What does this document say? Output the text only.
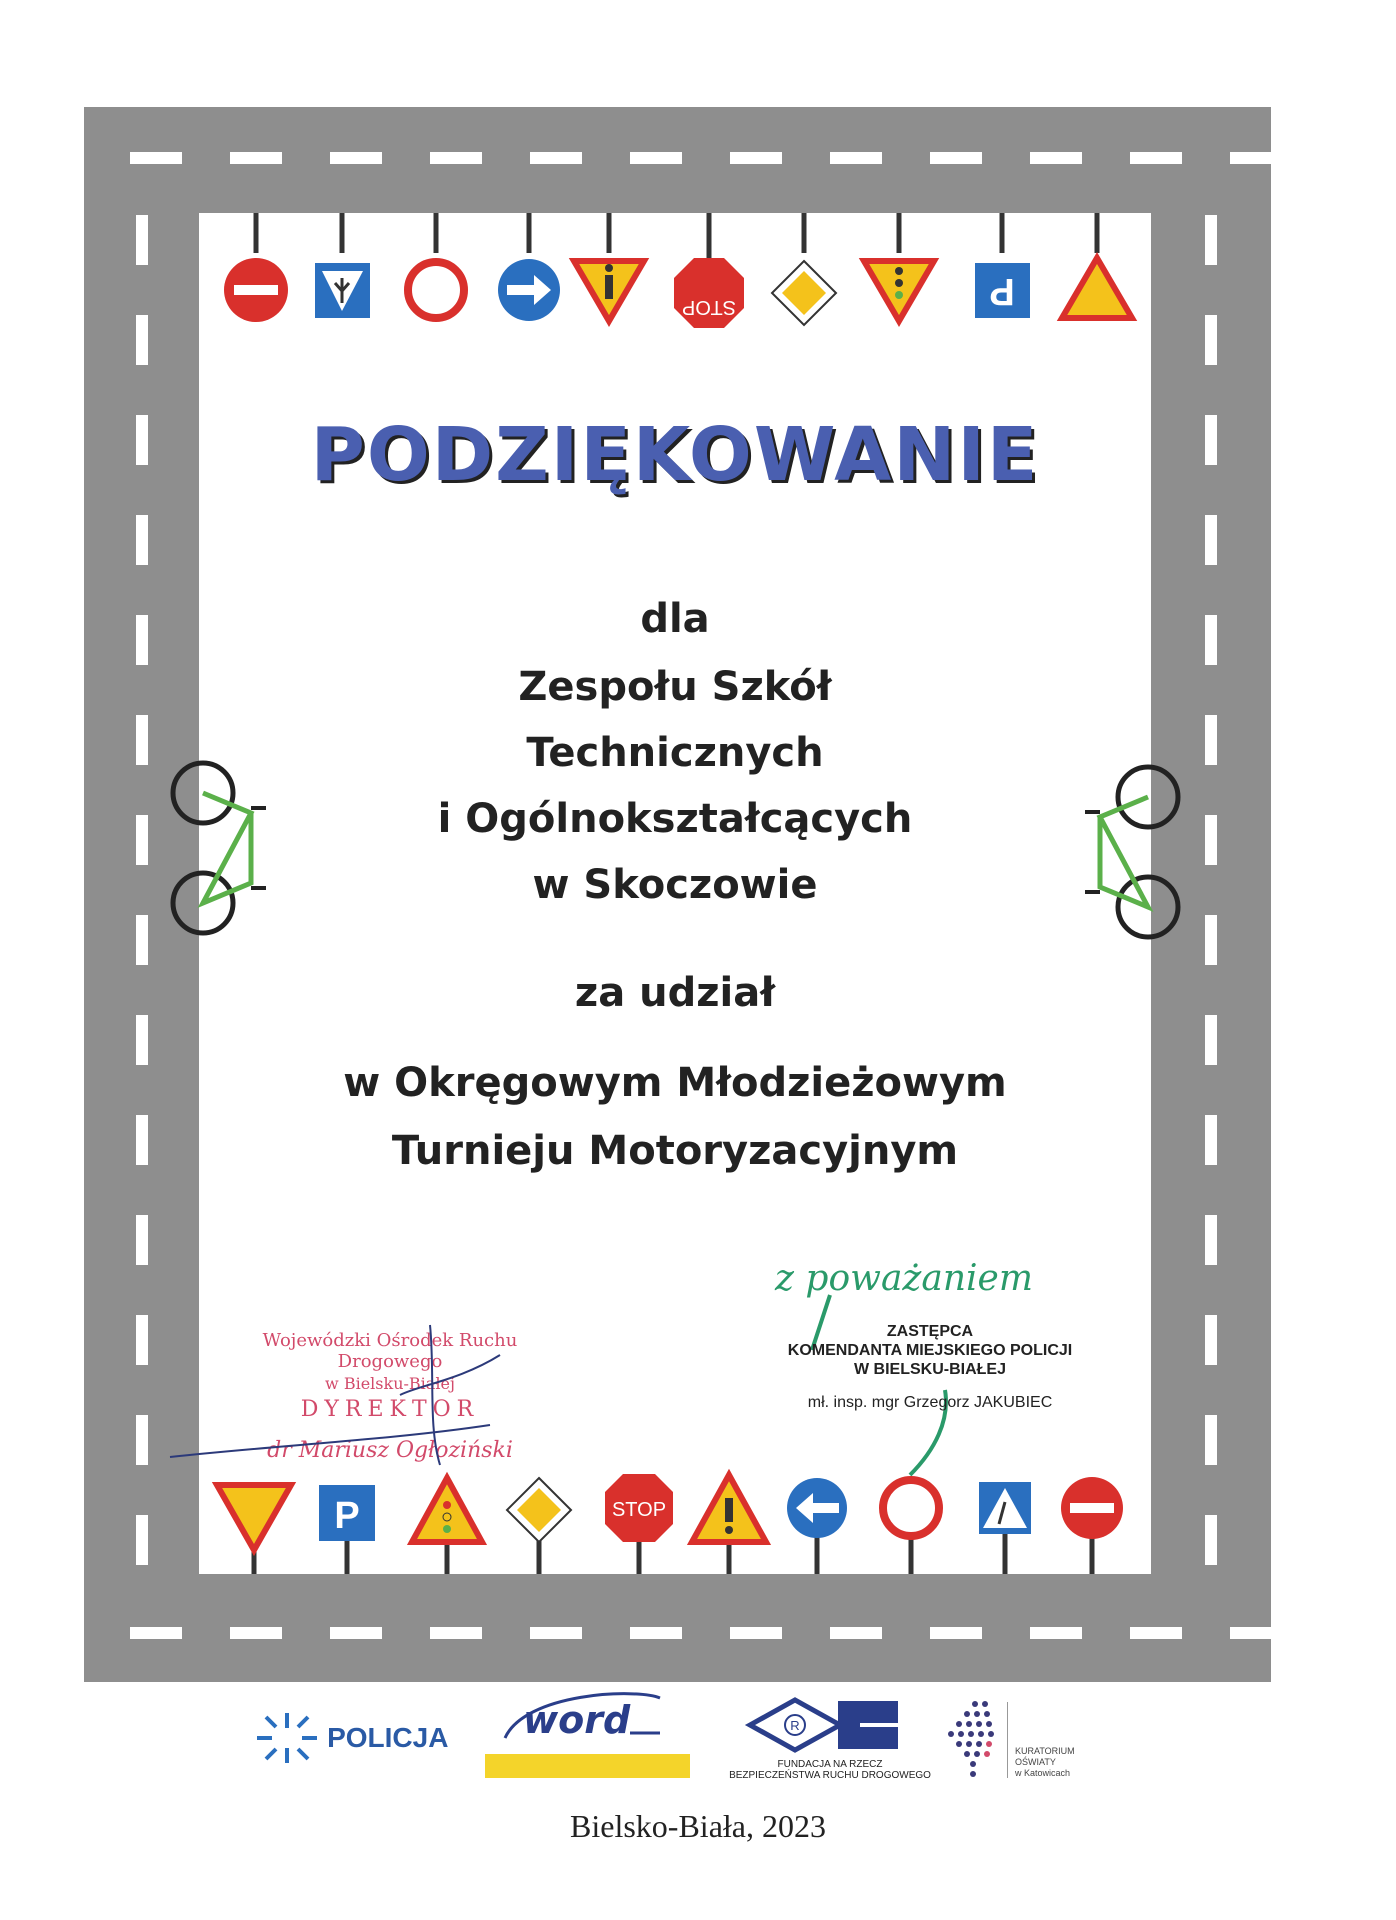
STOP	P
PODZIĘKOWANIE
dla
Zespołu Szkół
Technicznych
i Ogólnokształcących
w Skoczowie
za udział
w Okręgowym Młodzieżowym
Turnieju Motoryzacyjnym
Wojewódzki Ośrodek Ruchu Drogowego
w Bielsku-Białej
DYREKTOR
dr Mariusz Ogłoziński
z poważaniem
ZASTĘPCA
KOMENDANTA MIEJSKIEGO POLICJI
W BIELSKU-BIAŁEJ
mł. insp. mgr Grzegorz JAKUBIEC
P	STOP
POLICJA word	R
FUNDACJA NA RZECZ
BEZPIECZEŃSTWA RUCHU DROGOWEGO
KURATORIUM
OŚWIATY
w Katowicach
Bielsko-Biała, 2023
